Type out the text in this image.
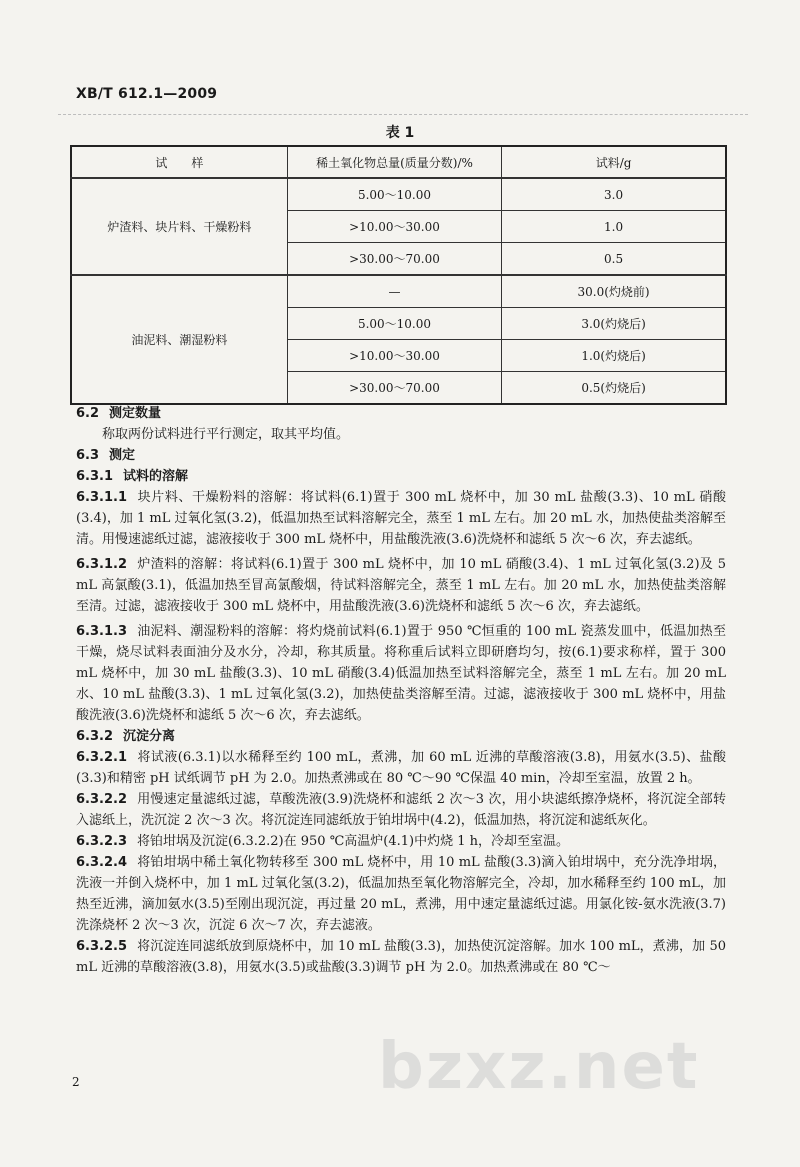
XB/T 612.1—2009
表 1
试　　样	稀土氧化物总量(质量分数)/%	试料/g
炉渣料、块片料、干燥粉料	5.00～10.00	3.0
	>10.00～30.00	1.0
	>30.00～70.00	0.5
油泥料、潮湿粉料	—	30.0(灼烧前)
	5.00～10.00	3.0(灼烧后)
	>10.00～30.00	1.0(灼烧后)
	>30.00～70.00	0.5(灼烧后)

6.2 测定数量

称取两份试料进行平行测定，取其平均值。

6.3 测定

6.3.1 试料的溶解

6.3.1.1 块片料、干燥粉料的溶解：将试料(6.1)置于 300 mL 烧杯中，加 30 mL 盐酸(3.3)、10 mL 硝酸(3.4)，加 1 mL 过氧化氢(3.2)，低温加热至试料溶解完全，蒸至 1 mL 左右。加 20 mL 水，加热使盐类溶解至清。用慢速滤纸过滤，滤液接收于 300 mL 烧杯中，用盐酸洗液(3.6)洗烧杯和滤纸 5 次～6 次，弃去滤纸。

6.3.1.2 炉渣料的溶解：将试料(6.1)置于 300 mL 烧杯中，加 10 mL 硝酸(3.4)、1 mL 过氧化氢(3.2)及 5 mL 高氯酸(3.1)，低温加热至冒高氯酸烟，待试料溶解完全，蒸至 1 mL 左右。加 20 mL 水，加热使盐类溶解至清。过滤，滤液接收于 300 mL 烧杯中，用盐酸洗液(3.6)洗烧杯和滤纸 5 次～6 次，弃去滤纸。

6.3.1.3 油泥料、潮湿粉料的溶解：将灼烧前试料(6.1)置于 950 ℃恒重的 100 mL 瓷蒸发皿中，低温加热至干燥，烧尽试料表面油分及水分，冷却，称其质量。将称重后试料立即研磨均匀，按(6.1)要求称样，置于 300 mL 烧杯中，加 30 mL 盐酸(3.3)、10 mL 硝酸(3.4)低温加热至试料溶解完全，蒸至 1 mL 左右。加 20 mL 水、10 mL 盐酸(3.3)、1 mL 过氧化氢(3.2)，加热使盐类溶解至清。过滤，滤液接收于 300 mL 烧杯中，用盐酸洗液(3.6)洗烧杯和滤纸 5 次～6 次，弃去滤纸。

6.3.2 沉淀分离

6.3.2.1 将试液(6.3.1)以水稀释至约 100 mL，煮沸，加 60 mL 近沸的草酸溶液(3.8)，用氨水(3.5)、盐酸(3.3)和精密 pH 试纸调节 pH 为 2.0。加热煮沸或在 80 ℃～90 ℃保温 40 min，冷却至室温，放置 2 h。

6.3.2.2 用慢速定量滤纸过滤，草酸洗液(3.9)洗烧杯和滤纸 2 次～3 次，用小块滤纸擦净烧杯，将沉淀全部转入滤纸上，洗沉淀 2 次～3 次。将沉淀连同滤纸放于铂坩埚中(4.2)，低温加热，将沉淀和滤纸灰化。

6.3.2.3 将铂坩埚及沉淀(6.3.2.2)在 950 ℃高温炉(4.1)中灼烧 1 h，冷却至室温。

6.3.2.4 将铂坩埚中稀土氧化物转移至 300 mL 烧杯中，用 10 mL 盐酸(3.3)滴入铂坩埚中，充分洗净坩埚，洗液一并倒入烧杯中，加 1 mL 过氧化氢(3.2)，低温加热至氧化物溶解完全，冷却，加水稀释至约 100 mL，加热至近沸，滴加氨水(3.5)至刚出现沉淀，再过量 20 mL，煮沸，用中速定量滤纸过滤。用氯化铵-氨水洗液(3.7)洗涤烧杯 2 次～3 次，沉淀 6 次～7 次，弃去滤液。

6.3.2.5 将沉淀连同滤纸放到原烧杯中，加 10 mL 盐酸(3.3)，加热使沉淀溶解。加水 100 mL，煮沸，加 50 mL 近沸的草酸溶液(3.8)，用氨水(3.5)或盐酸(3.3)调节 pH 为 2.0。加热煮沸或在 80 ℃～

bzxz.net
2
